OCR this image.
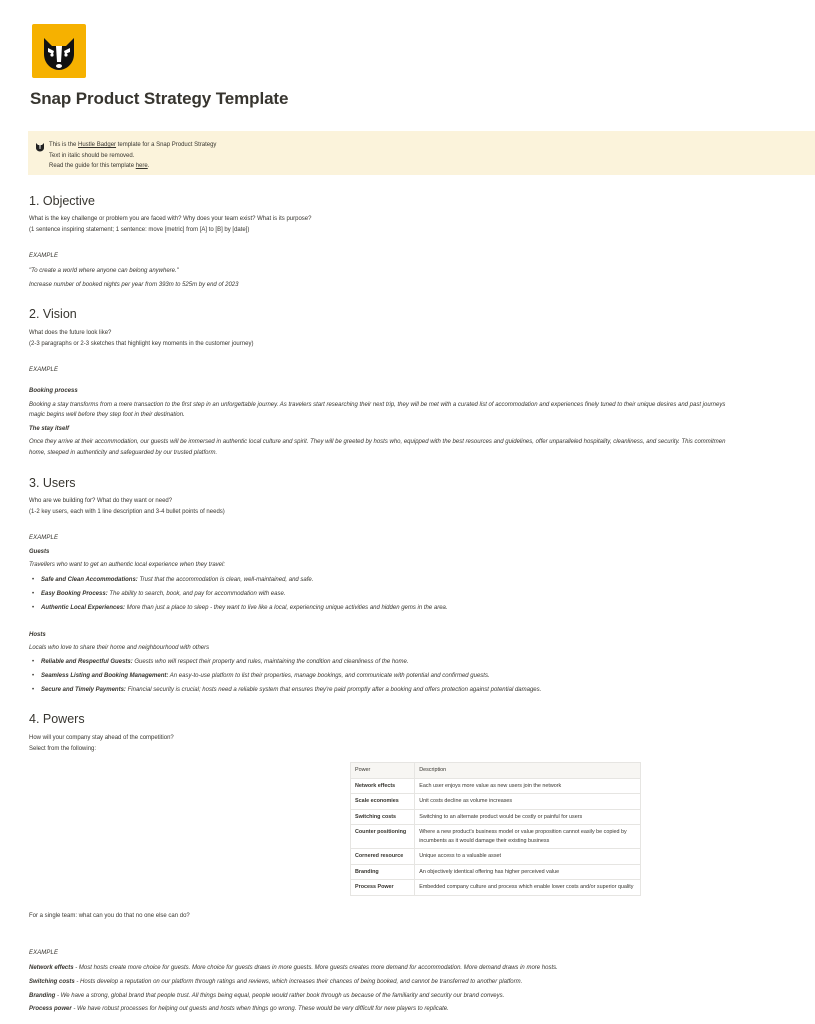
Snap Product Strategy Template
This is the Hustle Badger template for a Snap Product Strategy
Text in italic should be removed.
Read the guide for this template here.
1. Objective
What is the key challenge or problem you are faced with? Why does your team exist? What is its purpose?
(1 sentence inspiring statement; 1 sentence: move [metric] from [A] to [B] by [date])
EXAMPLE
"To create a world where anyone can belong anywhere."
Increase number of booked nights per year from 393m to 525m by end of 2023
2. Vision
What does the future look like?
(2-3 paragraphs or 2-3 sketches that highlight key moments in the customer journey)
EXAMPLE
Booking process
Booking a stay transforms from a mere transaction to the first step in an unforgettable journey. As travelers start researching their next trip, they will be met with a curated list of accommodation and experiences finely tuned to their unique desires and past journeys
magic begins well before they step foot in their destination.
The stay itself
Once they arrive at their accommodation, our guests will be immersed in authentic local culture and spirit. They will be greeted by hosts who, equipped with the best resources and guidelines, offer unparalleled hospitality, cleanliness, and security. This commitmen
home, steeped in authenticity and safeguarded by our trusted platform.
3. Users
Who are we building for? What do they want or need?
(1-2 key users, each with 1 line description and 3-4 bullet points of needs)
EXAMPLE
Guests
Travellers who want to get an authentic local experience when they travel:
• Safe and Clean Accommodations: Trust that the accommodation is clean, well-maintained, and safe.
• Easy Booking Process: The ability to search, book, and pay for accommodation with ease.
• Authentic Local Experiences: More than just a place to sleep - they want to live like a local, experiencing unique activities and hidden gems in the area.
Hosts
Locals who love to share their home and neighbourhood with others
• Reliable and Respectful Guests: Guests who will respect their property and rules, maintaining the condition and cleanliness of the home.
• Seamless Listing and Booking Management: An easy-to-use platform to list their properties, manage bookings, and communicate with potential and confirmed guests.
• Secure and Timely Payments: Financial security is crucial; hosts need a reliable system that ensures they're paid promptly after a booking and offers protection against potential damages.
4. Powers
How will your company stay ahead of the competition?
Select from the following:
Power	Description
Network effects	Each user enjoys more value as new users join the network
Scale economies	Unit costs decline as volume increases
Switching costs	Switching to an alternate product would be costly or painful for users
Counter positioning	Where a new product's business model or value proposition cannot easily be copied by incumbents as it would damage their existing business
Cornered resource	Unique access to a valuable asset
Branding	An objectively identical offering has higher perceived value
Process Power	Embedded company culture and process which enable lower costs and/or superior quality
For a single team: what can you do that no one else can do?
EXAMPLE
Network effects - Most hosts create more choice for guests. More choice for guests draws in more guests. More guests creates more demand for accommodation. More demand draws in more hosts.
Switching costs - Hosts develop a reputation on our platform through ratings and reviews, which increases their chances of being booked, and cannot be transferred to another platform.
Branding - We have a strong, global brand that people trust. All things being equal, people would rather book through us because of the familiarity and security our brand conveys.
Process power - We have robust processes for helping out guests and hosts when things go wrong. These would be very difficult for new players to replicate.
